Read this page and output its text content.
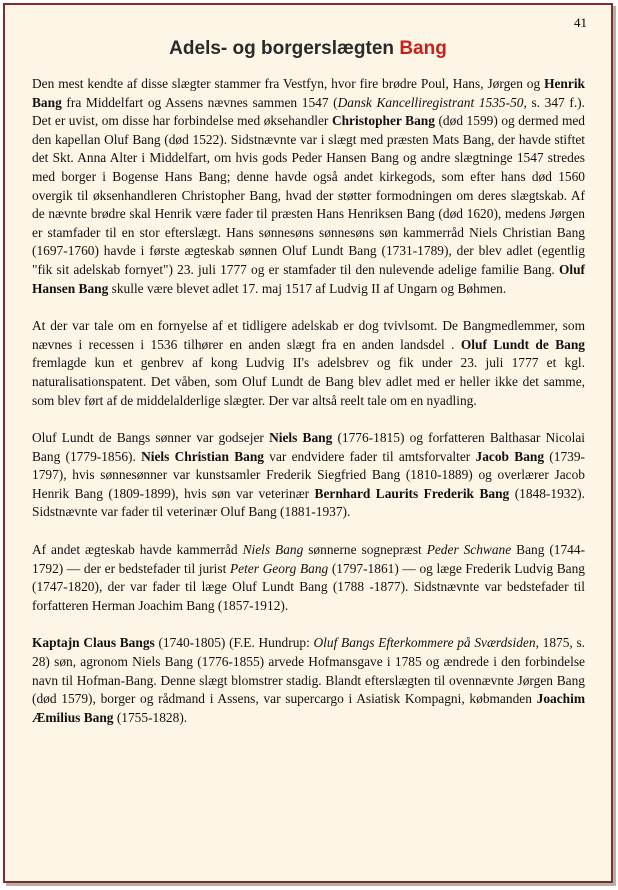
41
Adels- og borgerslægten Bang

Den mest kendte af disse slægter stammer fra Vestfyn, hvor fire brødre Poul, Hans, Jørgen og Henrik Bang fra Middelfart og Assens nævnes sammen 1547 (Dansk Kancelliregistrant 1535-50, s. 347 f.). Det er uvist, om disse har forbindelse med øksehandler Christopher Bang (død 1599) og dermed med den kapellan Oluf Bang (død 1522). Sidstnævnte var i slægt med præsten Mats Bang, der havde stiftet det Skt. Anna Alter i Middelfart, om hvis gods Peder Hansen Bang og andre slægtninge 1547 stredes med borger i Bogense Hans Bang; denne havde også andet kirkegods, som efter hans død 1560 overgik til øksenhandleren Christopher Bang, hvad der støtter formodningen om deres slægtskab. Af de nævnte brødre skal Henrik være fader til præsten Hans Henriksen Bang (død 1620), medens Jørgen er stamfader til en stor efterslægt. Hans sønnesøns sønnesøns søn kammerråd Niels Christian Bang (1697-1760) havde i første ægteskab sønnen Oluf Lundt Bang (1731-1789), der blev adlet (egentlig "fik sit adelskab fornyet") 23. juli 1777 og er stamfader til den nulevende adelige familie Bang. Oluf Hansen Bang skulle være blevet adlet 17. maj 1517 af Ludvig II af Ungarn og Bøhmen.

At der var tale om en fornyelse af et tidligere adelskab er dog tvivlsomt. De Bangmedlemmer, som nævnes i recessen i 1536 tilhører en anden slægt fra en anden landsdel . Oluf Lundt de Bang fremlagde kun et genbrev af kong Ludvig II's adelsbrev og fik under 23. juli 1777 et kgl. naturalisationspatent. Det våben, som Oluf Lundt de Bang blev adlet med er heller ikke det samme, som blev ført af de middelalderlige slægter. Der var altså reelt tale om en nyadling.

Oluf Lundt de Bangs sønner var godsejer Niels Bang (1776-1815) og forfatteren Balthasar Nicolai Bang (1779-1856). Niels Christian Bang var endvidere fader til amtsforvalter Jacob Bang (1739-1797), hvis sønnesønner var kunstsamler Frederik Siegfried Bang (1810-1889) og overlærer Jacob Henrik Bang (1809-1899), hvis søn var veterinær Bernhard Laurits Frederik Bang (1848-1932). Sidstnævnte var fader til veterinær Oluf Bang (1881-1937).

Af andet ægteskab havde kammerråd Niels Bang sønnerne sognepræst Peder Schwane Bang (1744-1792) — der er bedstefader til jurist Peter Georg Bang (1797-1861) — og læge Frederik Ludvig Bang (1747-1820), der var fader til læge Oluf Lundt Bang (1788 -1877). Sidstnævnte var bedstefader til forfatteren Herman Joachim Bang (1857-1912).

Kaptajn Claus Bangs (1740-1805) (F.E. Hundrup: Oluf Bangs Efterkommere på Sværdsiden, 1875, s. 28) søn, agronom Niels Bang (1776-1855) arvede Hofmansgave i 1785 og ændrede i den forbindelse navn til Hofman-Bang. Denne slægt blomstrer stadig. Blandt efterslægten til ovennævnte Jørgen Bang (død 1579), borger og rådmand i Assens, var supercargo i Asiatisk Kompagni, købmanden Joachim Æmilius Bang (1755-1828).
